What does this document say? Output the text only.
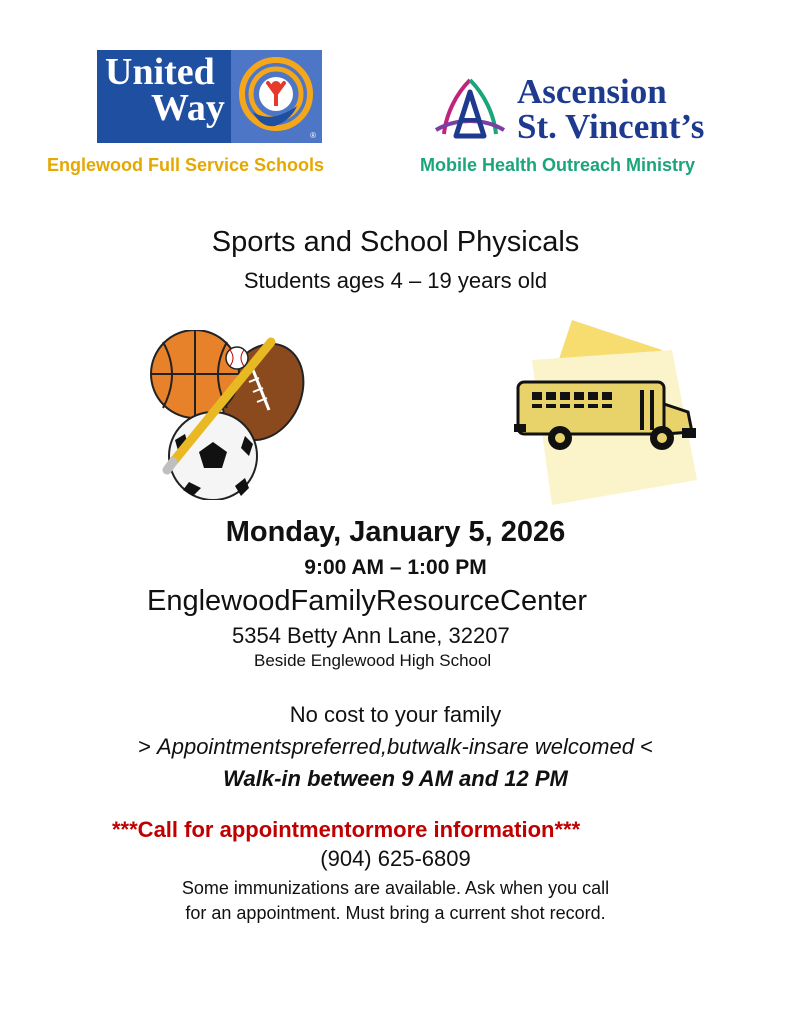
United
Way
®
Englewood Full Service Schools
Ascension
St. Vincent’s
Mobile Health Outreach Ministry
Sports and School Physicals
Students ages 4 – 19 years old
Monday, January 5, 2026
9:00 AM – 1:00 PM
EnglewoodFamilyResourceCenter
5354 Betty Ann Lane, 32207
Beside Englewood High School
No cost to your family
> Appointmentspreferred,butwalk-insare welcomed <
Walk-in between 9 AM and 12 PM
***Call for appointmentormore information***
(904) 625-6809
Some immunizations are available. Ask when you call
for an appointment. Must bring a current shot record.
